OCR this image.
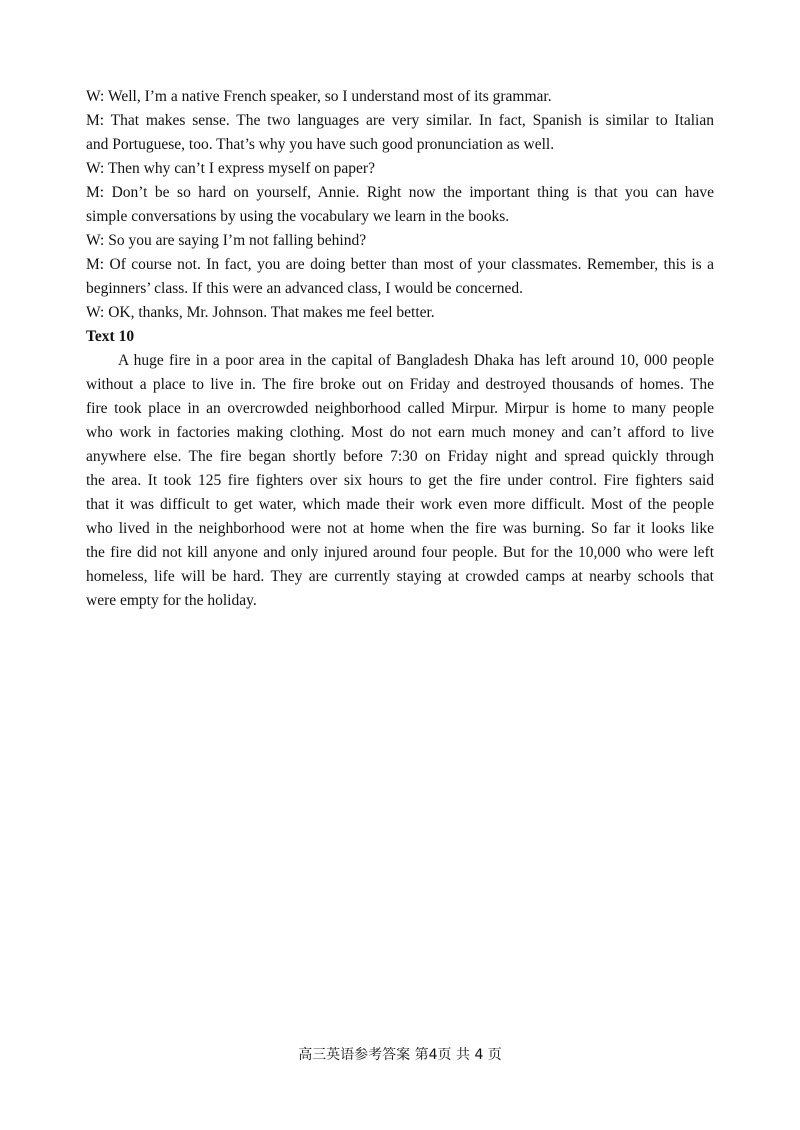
W: Well, I’m a native French speaker, so I understand most of its grammar.
M: That makes sense. The two languages are very similar. In fact, Spanish is similar to Italian
and Portuguese, too. That’s why you have such good pronunciation as well.
W: Then why can’t I express myself on paper?
M: Don’t be so hard on yourself, Annie. Right now the important thing is that you can have
simple conversations by using the vocabulary we learn in the books.
W: So you are saying I’m not falling behind?
M: Of course not. In fact, you are doing better than most of your classmates. Remember, this is a
beginners’ class. If this were an advanced class, I would be concerned.
W: OK, thanks, Mr. Johnson. That makes me feel better.
Text 10
A huge fire in a poor area in the capital of Bangladesh Dhaka has left around 10, 000 people
without a place to live in. The fire broke out on Friday and destroyed thousands of homes. The
fire took place in an overcrowded neighborhood called Mirpur. Mirpur is home to many people
who work in factories making clothing. Most do not earn much money and can’t afford to live
anywhere else. The fire began shortly before 7:30 on Friday night and spread quickly through
the area. It took 125 fire fighters over six hours to get the fire under control. Fire fighters said
that it was difficult to get water, which made their work even more difficult. Most of the people
who lived in the neighborhood were not at home when the fire was burning. So far it looks like
the fire did not kill anyone and only injured around four people. But for the 10,000 who were left
homeless, life will be hard. They are currently staying at crowded camps at nearby schools that
were empty for the holiday.
高三英语参考答案 第4页 共 4 页
